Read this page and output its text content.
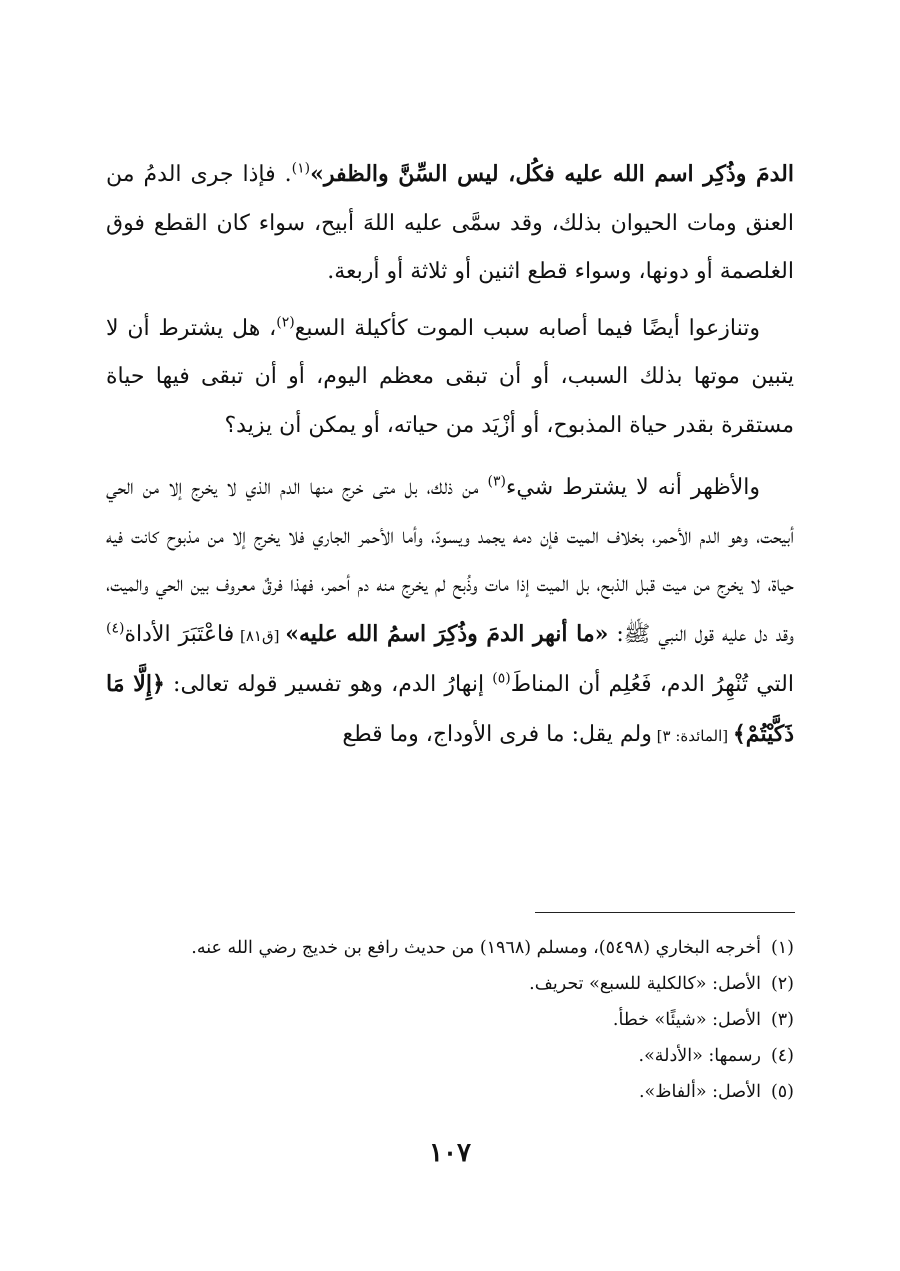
الدمَ وذُكِر اسم الله عليه فكُل، ليس السِّنَّ والظفر»$^{(١)}$. فإذا جرى الدمُ من العنق ومات الحيوان بذلك، وقد سمَّى عليه اللهَ أبيح، سواء كان القطع فوق الغلصمة أو دونها، وسواء قطع اثنين أو ثلاثة أو أربعة.

وتنازعوا أيضًا فيما أصابه سبب الموت كأكيلة السبع$^{(٢)}$، هل يشترط أن لا يتبين موتها بذلك السبب، أو أن تبقى معظم اليوم، أو أن تبقى فيها حياة مستقرة بقدر حياة المذبوح، أو أزْيَد من حياته، أو يمكن أن يزيد؟

والأظهر أنه لا يشترط شيء$^{(٣)}$ من ذلك، بل متى خرج منها الدم الذي لا يخرج إلا من الحي أبيحت، وهو الدم الأحمر، بخلاف الميت فإن دمه يجمد ويسودّ، وأما الأحمر الجاري فلا يخرج إلا من مذبوح كانت فيه حياة، لا يخرج من ميت قبل الذبح، بل الميت إذا مات وذُبح لم يخرج منه دم أحمر، فهذا فرقٌ معروف بين الحي والميت، وقد دل عليه قول النبي ﷺ: «ما أنهر الدمَ وذُكِرَ اسمُ الله عليه» [ق٨١] فاعْتَبَرَ الأداة$^{(٤)}$ التي تُنْهِرُ الدم، فَعُلِم أن المناطَ$^{(٥)}$ إنهارُ الدم، وهو تفسير قوله تعالى: ﴿إِلَّا مَا ذَكَّيْتُمْ﴾ [المائدة: ٣] ولم يقل: ما فرى الأوداج، وما قطع

(١)
أخرجه البخاري (٥٤٩٨)، ومسلم (١٩٦٨) من حديث رافع بن خديج رضي الله عنه.
(٢)
الأصل: «كالكلية للسبع» تحريف.
(٣)
الأصل: «شيئًا» خطأ.
(٤)
رسمها: «الأدلة».
(٥)
الأصل: «ألفاظ».
١٠٧
